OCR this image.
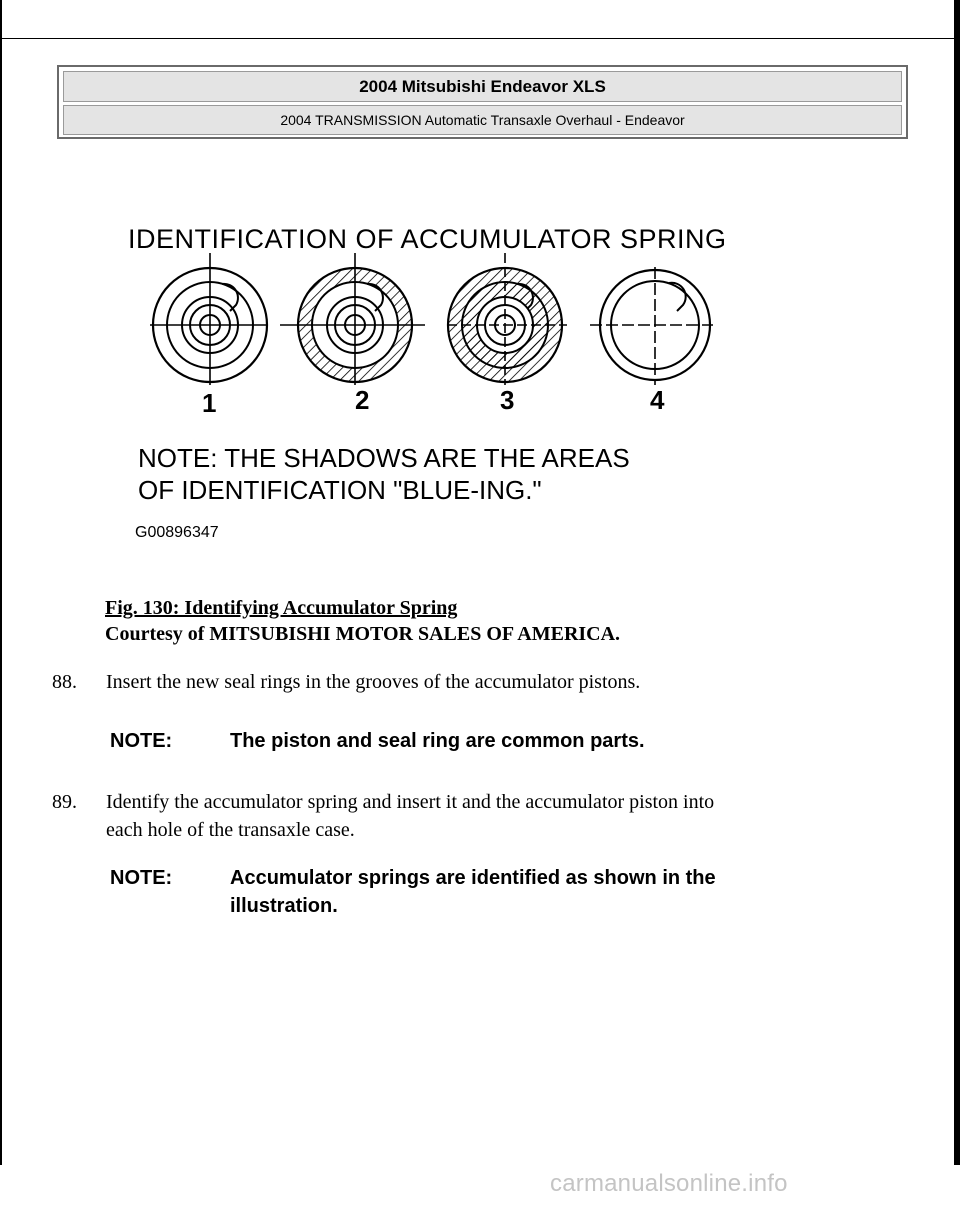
2004 Mitsubishi Endeavor XLS
2004 TRANSMISSION Automatic Transaxle Overhaul - Endeavor
IDENTIFICATION OF ACCUMULATOR SPRING
1	2	3	4
NOTE: THE SHADOWS ARE THE AREAS
OF IDENTIFICATION "BLUE-ING."
G00896347
Fig. 130: Identifying Accumulator Spring
Courtesy of MITSUBISHI MOTOR SALES OF AMERICA.
88. Insert the new seal rings in the grooves of the accumulator pistons.
NOTE:	The piston and seal ring are common parts.
89. Identify the accumulator spring and insert it and the accumulator piston into
each hole of the transaxle case.
NOTE:	Accumulator springs are identified as shown in the
illustration.
carmanualsonline.info
